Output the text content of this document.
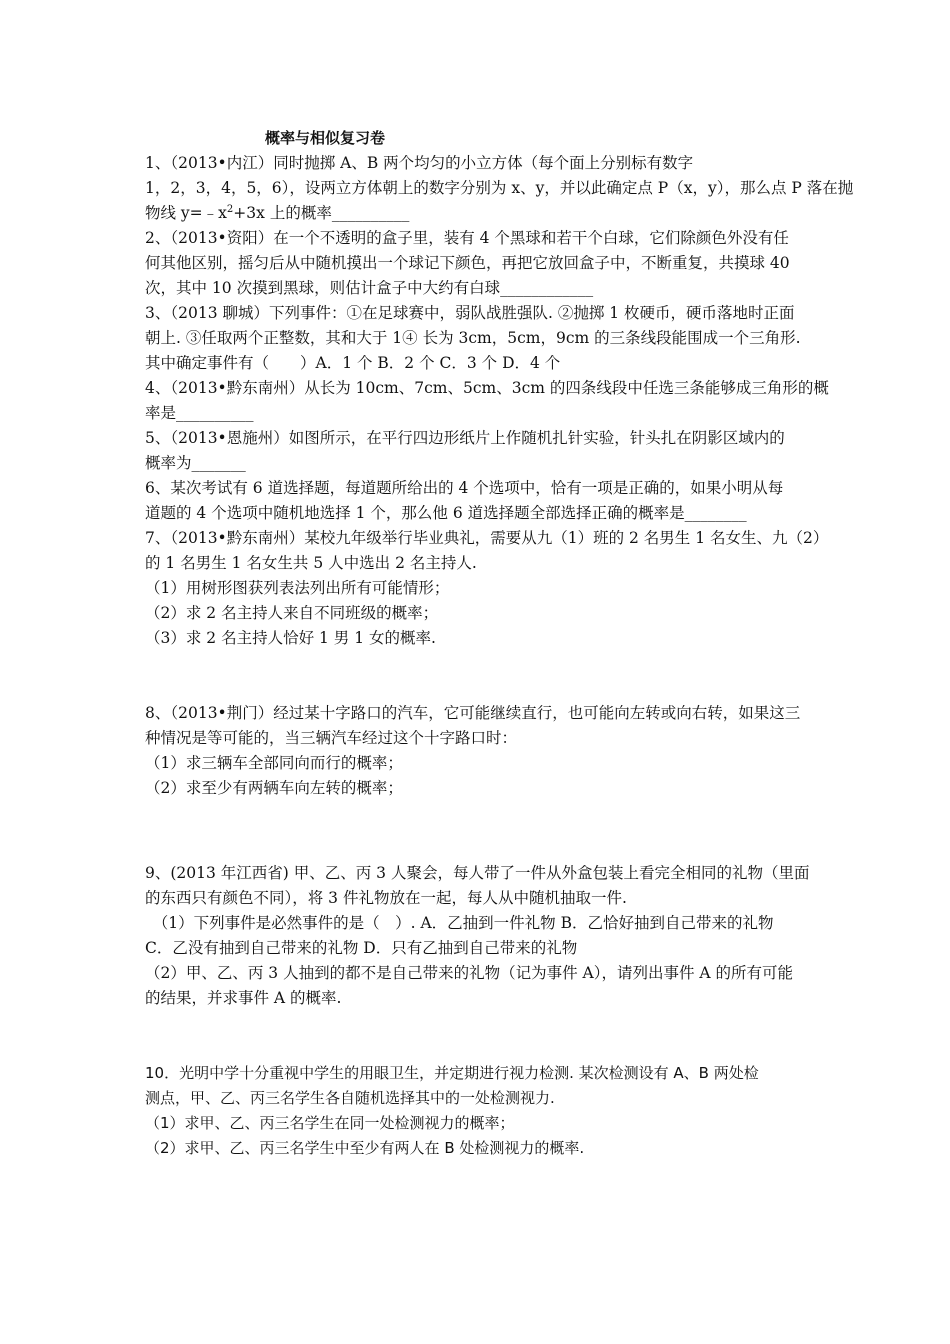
概率与相似复习卷
1、（2013•内江）同时抛掷 A、B 两个均匀的小立方体（每个面上分别标有数字
1，2，3，4，5，6），设两立方体朝上的数字分别为 x、y，并以此确定点 P（x，y），那么点 P 落在抛
物线 $y=﹣x^2+3x$ 上的概率__________
2、（2013•资阳）在一个不透明的盒子里，装有 4 个黑球和若干个白球，它们除颜色外没有任
何其他区别，摇匀后从中随机摸出一个球记下颜色，再把它放回盒子中，不断重复，共摸球 40
次，其中 10 次摸到黑球，则估计盒子中大约有白球____________
3、（2013 聊城）下列事件：①在足球赛中，弱队战胜强队. ②抛掷 1 枚硬币，硬币落地时正面
朝上. ③任取两个正整数，其和大于 1④ 长为 3cm，5cm，9cm 的三条线段能围成一个三角形.
其中确定事件有（　　）A．1 个 B．2 个 C．3 个 D．4 个
4、（2013•黔东南州）从长为 10cm、7cm、5cm、3cm 的四条线段中任选三条能够成三角形的概
率是__________
5、（2013•恩施州）如图所示，在平行四边形纸片上作随机扎针实验，针头扎在阴影区域内的
概率为_______
6、某次考试有 6 道选择题，每道题所给出的 4 个选项中，恰有一项是正确的，如果小明从每
道题的 4 个选项中随机地选择 1 个，那么他 6 道选择题全部选择正确的概率是________
7、（2013•黔东南州）某校九年级举行毕业典礼，需要从九（1）班的 2 名男生 1 名女生、九（2）
的 1 名男生 1 名女生共 5 人中选出 2 名主持人.
（1）用树形图获列表法列出所有可能情形；
（2）求 2 名主持人来自不同班级的概率；
（3）求 2 名主持人恰好 1 男 1 女的概率.
8、（2013•荆门）经过某十字路口的汽车，它可能继续直行，也可能向左转或向右转，如果这三
种情况是等可能的，当三辆汽车经过这个十字路口时：
（1）求三辆车全部同向而行的概率；
（2）求至少有两辆车向左转的概率；
9、(2013 年江西省) 甲、乙、丙 3 人聚会，每人带了一件从外盒包装上看完全相同的礼物（里面
的东西只有颜色不同），将 3 件礼物放在一起，每人从中随机抽取一件.
　（1）下列事件是必然事件的是（　）. A．乙抽到一件礼物 B．乙恰好抽到自己带来的礼物
C．乙没有抽到自己带来的礼物 D．只有乙抽到自己带来的礼物
（2）甲、乙、丙 3 人抽到的都不是自己带来的礼物（记为事件 A），请列出事件 A 的所有可能
的结果，并求事件 A 的概率.
10．光明中学十分重视中学生的用眼卫生，并定期进行视力检测. 某次检测设有 A、B 两处检
测点，甲、乙、丙三名学生各自随机选择其中的一处检测视力.
（1）求甲、乙、丙三名学生在同一处检测视力的概率；
（2）求甲、乙、丙三名学生中至少有两人在 B 处检测视力的概率.
